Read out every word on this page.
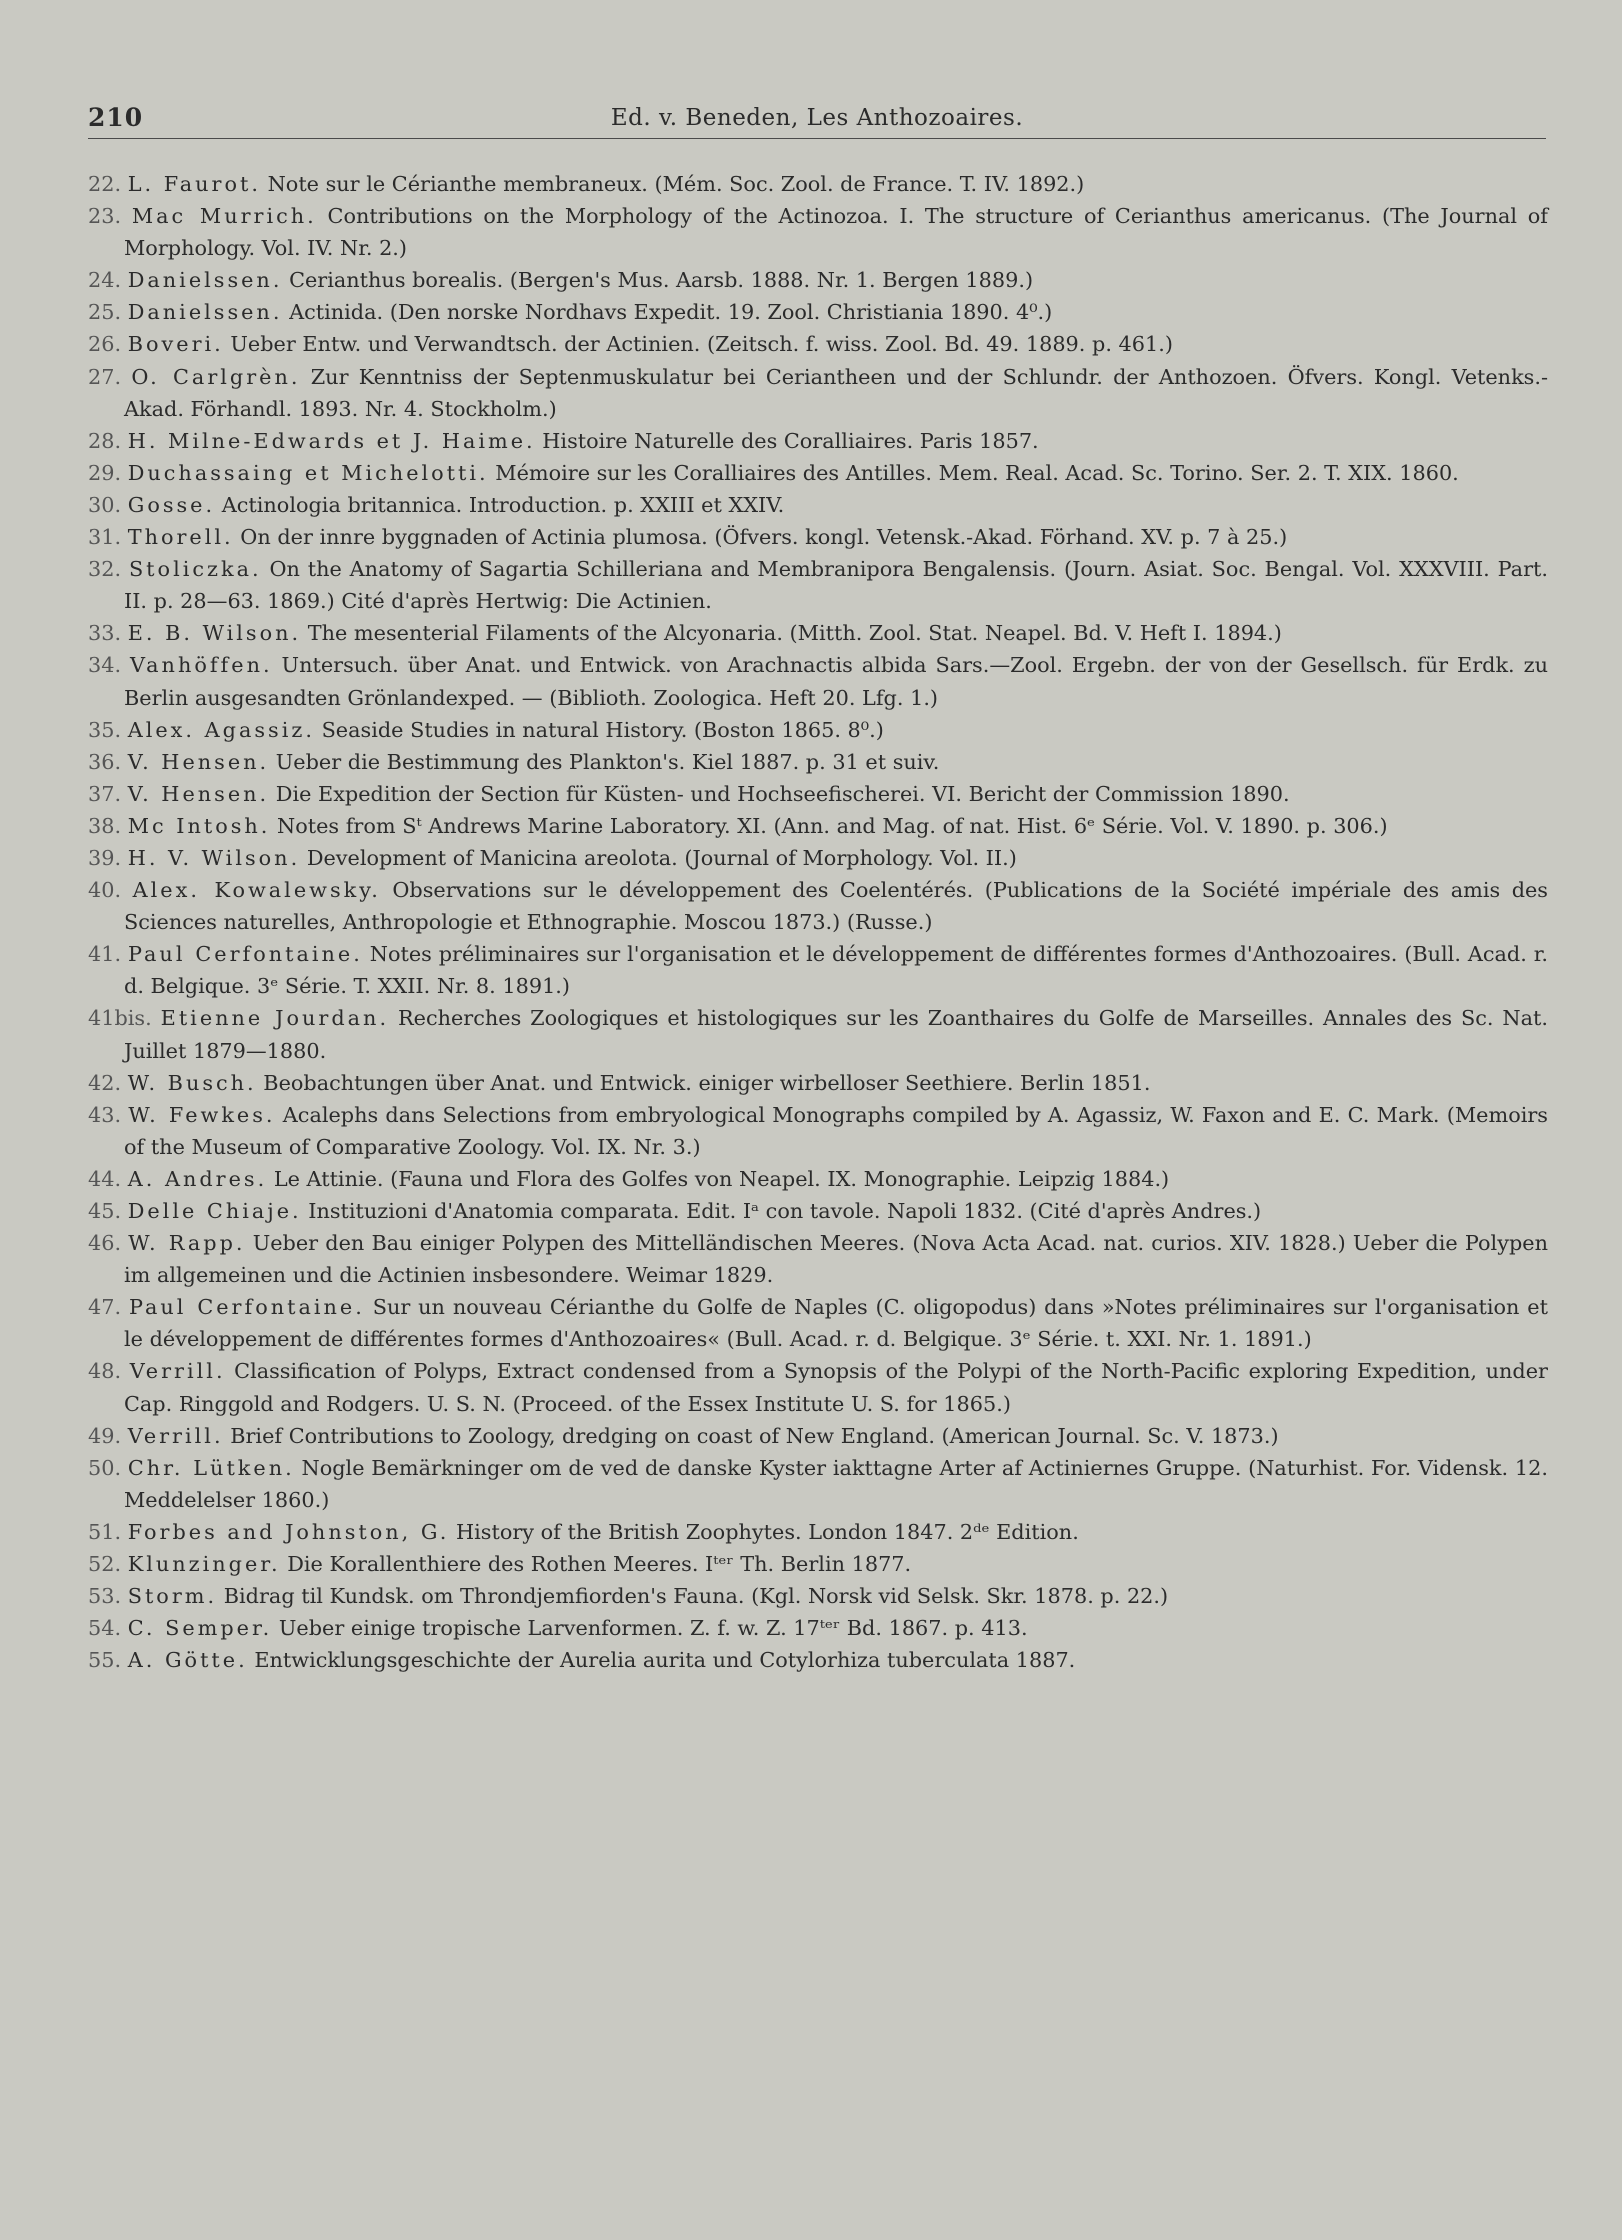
210	Ed. v. Beneden, Les Anthozoaires.
22. L. Faurot. Note sur le Cérianthe membraneux. (Mém. Soc. Zool. de France. T. IV. 1892.)
23. Mac Murrich. Contributions on the Morphology of the Actinozoa. I. The structure of Cerianthus americanus. (The Journal of Morphology. Vol. IV. Nr. 2.)
24. Danielssen. Cerianthus borealis. (Bergen's Mus. Aarsb. 1888. Nr. 1. Bergen 1889.)
25. Danielssen. Actinida. (Den norske Nordhavs Expedit. 19. Zool. Christiania 1890. 4⁰.)
26. Boveri. Ueber Entw. und Verwandtsch. der Actinien. (Zeitsch. f. wiss. Zool. Bd. 49. 1889. p. 461.)
27. O. Carlgrèn. Zur Kenntniss der Septenmuskulatur bei Ceriantheen und der Schlundr. der Anthozoen. Öfvers. Kongl. Vetenks.-Akad. Förhandl. 1893. Nr. 4. Stockholm.)
28. H. Milne-Edwards et J. Haime. Histoire Naturelle des Coralliaires. Paris 1857.
29. Duchassaing et Michelotti. Mémoire sur les Coralliaires des Antilles. Mem. Real. Acad. Sc. Torino. Ser. 2. T. XIX. 1860.
30. Gosse. Actinologia britannica. Introduction. p. XXIII et XXIV.
31. Thorell. On der innre byggnaden of Actinia plumosa. (Öfvers. kongl. Vetensk.-Akad. Förhand. XV. p. 7 à 25.)
32. Stoliczka. On the Anatomy of Sagartia Schilleriana and Membranipora Bengalensis. (Journ. Asiat. Soc. Bengal. Vol. XXXVIII. Part. II. p. 28—63. 1869.) Cité d'après Hertwig: Die Actinien.
33. E. B. Wilson. The mesenterial Filaments of the Alcyonaria. (Mitth. Zool. Stat. Neapel. Bd. V. Heft I. 1894.)
34. Vanhöffen. Untersuch. über Anat. und Entwick. von Arachnactis albida Sars.—Zool. Ergebn. der von der Gesellsch. für Erdk. zu Berlin ausgesandten Grönlandexped. — (Biblioth. Zoologica. Heft 20. Lfg. 1.)
35. Alex. Agassiz. Seaside Studies in natural History. (Boston 1865. 8⁰.)
36. V. Hensen. Ueber die Bestimmung des Plankton's. Kiel 1887. p. 31 et suiv.
37. V. Hensen. Die Expedition der Section für Küsten- und Hochseefischerei. VI. Bericht der Commission 1890.
38. Mc Intosh. Notes from Sᵗ Andrews Marine Laboratory. XI. (Ann. and Mag. of nat. Hist. 6ᵉ Série. Vol. V. 1890. p. 306.)
39. H. V. Wilson. Development of Manicina areolota. (Journal of Morphology. Vol. II.)
40. Alex. Kowalewsky. Observations sur le développement des Coelentérés. (Publications de la Société impériale des amis des Sciences naturelles, Anthropologie et Ethnographie. Moscou 1873.) (Russe.)
41. Paul Cerfontaine. Notes préliminaires sur l'organisation et le développement de différentes formes d'Anthozoaires. (Bull. Acad. r. d. Belgique. 3ᵉ Série. T. XXII. Nr. 8. 1891.)
41bis. Etienne Jourdan. Recherches Zoologiques et histologiques sur les Zoanthaires du Golfe de Marseilles. Annales des Sc. Nat. Juillet 1879—1880.
42. W. Busch. Beobachtungen über Anat. und Entwick. einiger wirbelloser Seethiere. Berlin 1851.
43. W. Fewkes. Acalephs dans Selections from embryological Monographs compiled by A. Agassiz, W. Faxon and E. C. Mark. (Memoirs of the Museum of Comparative Zoology. Vol. IX. Nr. 3.)
44. A. Andres. Le Attinie. (Fauna und Flora des Golfes von Neapel. IX. Monographie. Leipzig 1884.)
45. Delle Chiaje. Instituzioni d'Anatomia comparata. Edit. Iᵃ con tavole. Napoli 1832. (Cité d'après Andres.)
46. W. Rapp. Ueber den Bau einiger Polypen des Mittelländischen Meeres. (Nova Acta Acad. nat. curios. XIV. 1828.) Ueber die Polypen im allgemeinen und die Actinien insbesondere. Weimar 1829.
47. Paul Cerfontaine. Sur un nouveau Cérianthe du Golfe de Naples (C. oligopodus) dans »Notes préliminaires sur l'organisation et le développement de différentes formes d'Anthozoaires« (Bull. Acad. r. d. Belgique. 3ᵉ Série. t. XXI. Nr. 1. 1891.)
48. Verrill. Classification of Polyps, Extract condensed from a Synopsis of the Polypi of the North-Pacific exploring Expedition, under Cap. Ringgold and Rodgers. U. S. N. (Proceed. of the Essex Institute U. S. for 1865.)
49. Verrill. Brief Contributions to Zoology, dredging on coast of New England. (American Journal. Sc. V. 1873.)
50. Chr. Lütken. Nogle Bemärkninger om de ved de danske Kyster iakttagne Arter af Actiniernes Gruppe. (Naturhist. For. Vidensk. 12. Meddelelser 1860.)
51. Forbes and Johnston, G. History of the British Zoophytes. London 1847. 2ᵈᵉ Edition.
52. Klunzinger. Die Korallenthiere des Rothen Meeres. Iᵗᵉʳ Th. Berlin 1877.
53. Storm. Bidrag til Kundsk. om Throndjemfiorden's Fauna. (Kgl. Norsk vid Selsk. Skr. 1878. p. 22.)
54. C. Semper. Ueber einige tropische Larvenformen. Z. f. w. Z. 17ᵗᵉʳ Bd. 1867. p. 413.
55. A. Götte. Entwicklungsgeschichte der Aurelia aurita und Cotylorhiza tuberculata 1887.
